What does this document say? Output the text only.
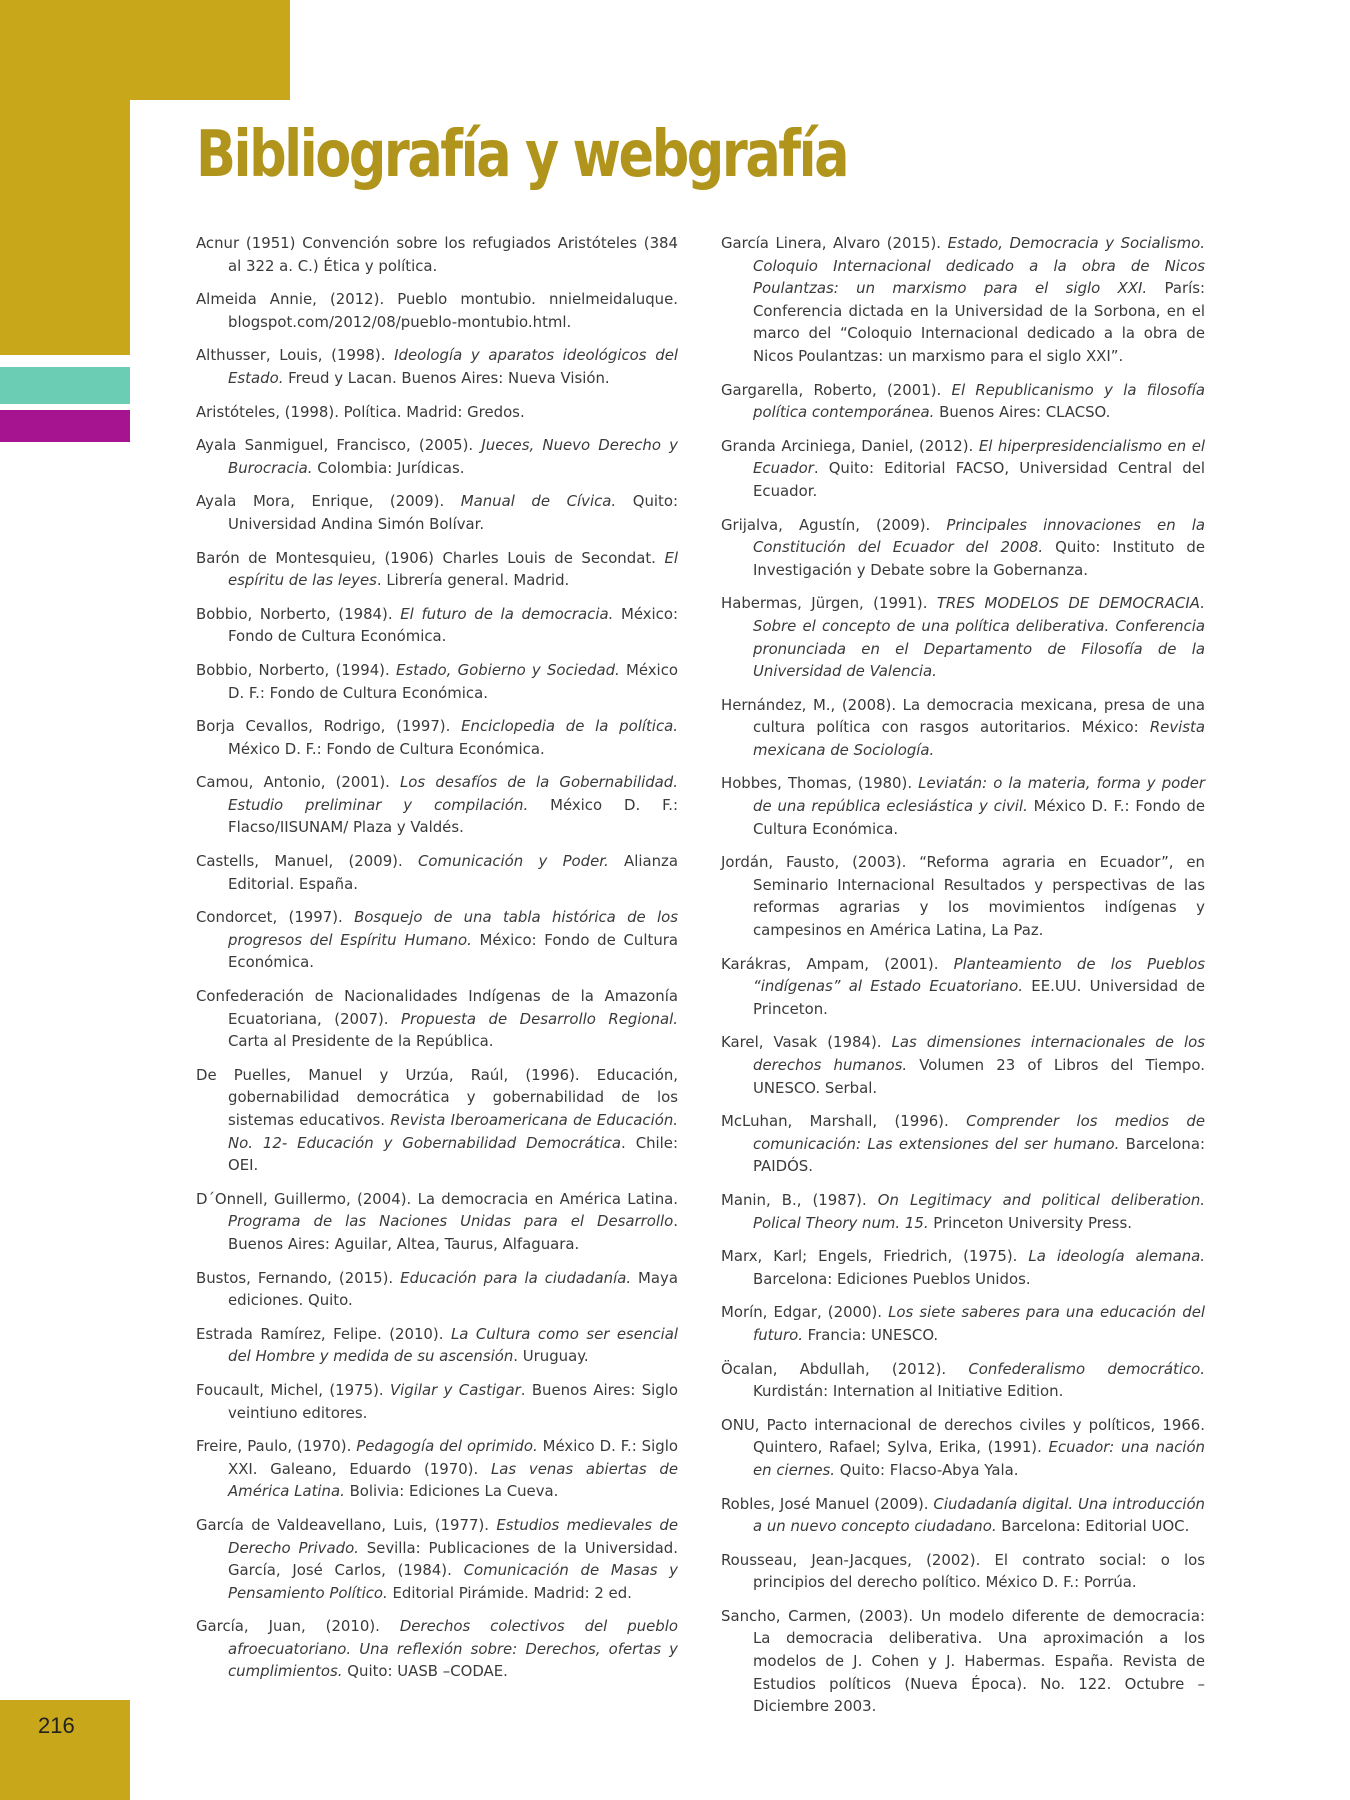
216
Bibliografía y webgrafía

Acnur (1951) Convención sobre los refugiados Aristóteles (384 al 322 a. C.) Ética y política.

Almeida Annie, (2012). Pueblo montubio. nnielmeidaluque. blogspot.com/2012/08/pueblo-montubio.html.

Althusser, Louis, (1998). Ideología y aparatos ideológicos del Estado. Freud y Lacan. Buenos Aires: Nueva Visión.

Aristóteles, (1998). Política. Madrid: Gredos.

Ayala Sanmiguel, Francisco, (2005). Jueces, Nuevo Derecho y Burocracia. Colombia: Jurídicas.

Ayala Mora, Enrique, (2009). Manual de Cívica. Quito: Universidad Andina Simón Bolívar.

Barón de Montesquieu, (1906) Charles Louis de Secondat. El espíritu de las leyes. Librería general. Madrid.

Bobbio, Norberto, (1984). El futuro de la democracia. México: Fondo de Cultura Económica.

Bobbio, Norberto, (1994). Estado, Gobierno y Sociedad. México D. F.: Fondo de Cultura Económica.

Borja Cevallos, Rodrigo, (1997). Enciclopedia de la política. México D. F.: Fondo de Cultura Económica.

Camou, Antonio, (2001). Los desafíos de la Gobernabilidad. Estudio preliminar y compilación. México D. F.: Flacso/IISUNAM/ Plaza y Valdés.

Castells, Manuel, (2009). Comunicación y Poder. Alianza Editorial. España.

Condorcet, (1997). Bosquejo de una tabla histórica de los progresos del Espíritu Humano. México: Fondo de Cultura Económica.

Confederación de Nacionalidades Indígenas de la Amazonía Ecuatoriana, (2007). Propuesta de Desarrollo Regional. Carta al Presidente de la República.

De Puelles, Manuel y Urzúa, Raúl, (1996). Educación, gobernabilidad democrática y gobernabilidad de los sistemas educativos. Revista Iberoamericana de Educación. No. 12- Educación y Gobernabilidad Democrática. Chile: OEI.

D´Onnell, Guillermo, (2004). La democracia en América Latina. Programa de las Naciones Unidas para el Desarrollo. Buenos Aires: Aguilar, Altea, Taurus, Alfaguara.

Bustos, Fernando, (2015). Educación para la ciudadanía. Maya ediciones. Quito.

Estrada Ramírez, Felipe. (2010). La Cultura como ser esencial del Hombre y medida de su ascensión. Uruguay.

Foucault, Michel, (1975). Vigilar y Castigar. Buenos Aires: Siglo veintiuno editores.

Freire, Paulo, (1970). Pedagogía del oprimido. México D. F.: Siglo XXI. Galeano, Eduardo (1970). Las venas abiertas de América Latina. Bolivia: Ediciones La Cueva.

García de Valdeavellano, Luis, (1977). Estudios medievales de Derecho Privado. Sevilla: Publicaciones de la Universidad. García, José Carlos, (1984). Comunicación de Masas y Pensamiento Político. Editorial Pirámide. Madrid: 2 ed.

García, Juan, (2010). Derechos colectivos del pueblo afroecuatoriano. Una reflexión sobre: Derechos, ofertas y cumplimientos. Quito: UASB –CODAE.

García Linera, Alvaro (2015). Estado, Democracia y Socialismo. Coloquio Internacional dedicado a la obra de Nicos Poulantzas: un marxismo para el siglo XXI. París: Conferencia dictada en la Universidad de la Sorbona, en el marco del “Coloquio Internacional dedicado a la obra de Nicos Poulantzas: un marxismo para el siglo XXI”.

Gargarella, Roberto, (2001). El Republicanismo y la filosofía política contemporánea. Buenos Aires: CLACSO.

Granda Arciniega, Daniel, (2012). El hiperpresidencialismo en el Ecuador. Quito: Editorial FACSO, Universidad Central del Ecuador.

Grijalva, Agustín, (2009). Principales innovaciones en la Constitución del Ecuador del 2008. Quito: Instituto de Investigación y Debate sobre la Gobernanza.

Habermas, Jürgen, (1991). TRES MODELOS DE DEMOCRACIA. Sobre el concepto de una política deliberativa. Conferencia pronunciada en el Departamento de Filosofía de la Universidad de Valencia.

Hernández, M., (2008). La democracia mexicana, presa de una cultura política con rasgos autoritarios. México: Revista mexicana de Sociología.

Hobbes, Thomas, (1980). Leviatán: o la materia, forma y poder de una república eclesiástica y civil. México D. F.: Fondo de Cultura Económica.

Jordán, Fausto, (2003). “Reforma agraria en Ecuador”, en Seminario Internacional Resultados y perspectivas de las reformas agrarias y los movimientos indígenas y campesinos en América Latina, La Paz.

Karákras, Ampam, (2001). Planteamiento de los Pueblos “indígenas” al Estado Ecuatoriano. EE.UU. Universidad de Princeton.

Karel, Vasak (1984). Las dimensiones internacionales de los derechos humanos. Volumen 23 of Libros del Tiempo. UNESCO. Serbal.

McLuhan, Marshall, (1996). Comprender los medios de comunicación: Las extensiones del ser humano. Barcelona: PAIDÓS.

Manin, B., (1987). On Legitimacy and political deliberation. Polical Theory num. 15. Princeton University Press.

Marx, Karl; Engels, Friedrich, (1975). La ideología alemana. Barcelona: Ediciones Pueblos Unidos.

Morín, Edgar, (2000). Los siete saberes para una educación del futuro. Francia: UNESCO.

Öcalan, Abdullah, (2012). Confederalismo democrático. Kurdistán: Internation al Initiative Edition.

ONU, Pacto internacional de derechos civiles y políticos, 1966. Quintero, Rafael; Sylva, Erika, (1991). Ecuador: una nación en ciernes. Quito: Flacso-Abya Yala.

Robles, José Manuel (2009). Ciudadanía digital. Una introducción a un nuevo concepto ciudadano. Barcelona: Editorial UOC.

Rousseau, Jean-Jacques, (2002). El contrato social: o los principios del derecho político. México D. F.: Porrúa.

Sancho, Carmen, (2003). Un modelo diferente de democracia: La democracia deliberativa. Una aproximación a los modelos de J. Cohen y J. Habermas. España. Revista de Estudios políticos (Nueva Época). No. 122. Octubre – Diciembre 2003.
